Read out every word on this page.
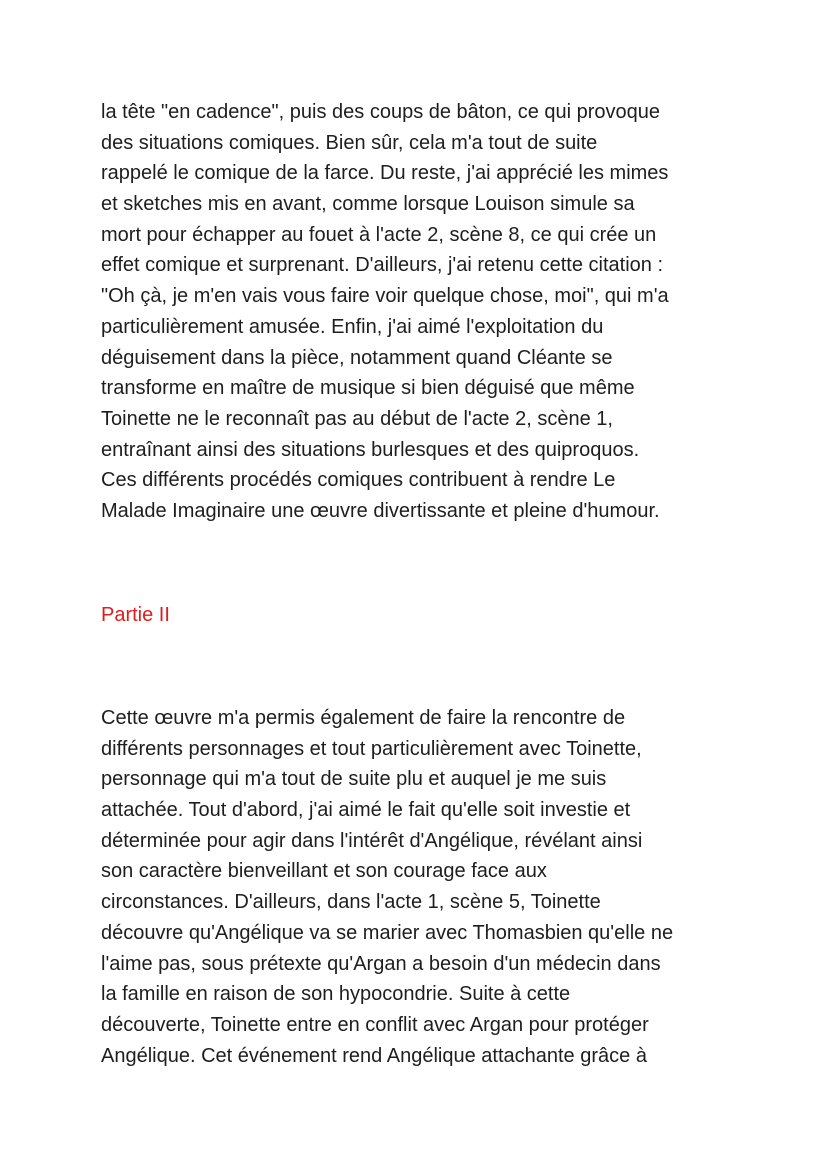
la tête "en cadence", puis des coups de bâton, ce qui provoque
des situations comiques. Bien sûr, cela m'a tout de suite
rappelé le comique de la farce. Du reste, j'ai apprécié les mimes
et sketches mis en avant, comme lorsque Louison simule sa
mort pour échapper au fouet à l'acte 2, scène 8, ce qui crée un
effet comique et surprenant. D'ailleurs, j'ai retenu cette citation :
"Oh çà, je m'en vais vous faire voir quelque chose, moi", qui m'a
particulièrement amusée. Enfin, j'ai aimé l'exploitation du
déguisement dans la pièce, notamment quand Cléante se
transforme en maître de musique si bien déguisé que même
Toinette ne le reconnaît pas au début de l'acte 2, scène 1,
entraînant ainsi des situations burlesques et des quiproquos.
Ces différents procédés comiques contribuent à rendre Le
Malade Imaginaire une œuvre divertissante et pleine d'humour.
Partie II
Cette œuvre m'a permis également de faire la rencontre de
différents personnages et tout particulièrement avec Toinette,
personnage qui m'a tout de suite plu et auquel je me suis
attachée. Tout d'abord, j'ai aimé le fait qu'elle soit investie et
déterminée pour agir dans l'intérêt d'Angélique, révélant ainsi
son caractère bienveillant et son courage face aux
circonstances. D'ailleurs, dans l'acte 1, scène 5, Toinette
découvre qu'Angélique va se marier avec Thomasbien qu'elle ne
l'aime pas, sous prétexte qu'Argan a besoin d'un médecin dans
la famille en raison de son hypocondrie. Suite à cette
découverte, Toinette entre en conflit avec Argan pour protéger
Angélique. Cet événement rend Angélique attachante grâce à
